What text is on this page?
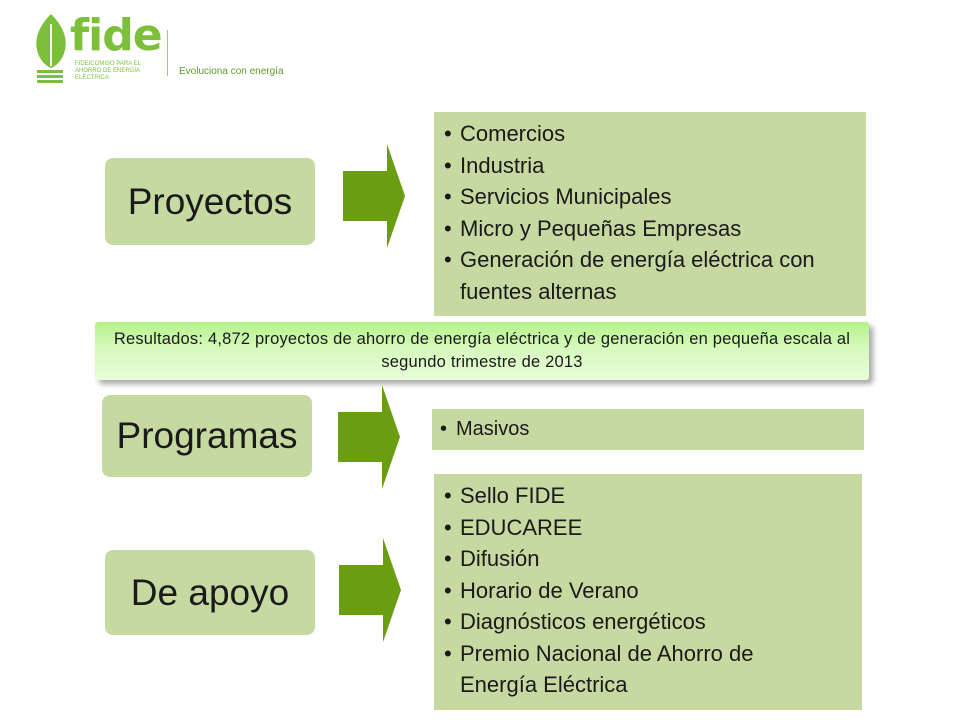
fide
FIDEICOMISO PARA EL AHORRO DE ENERGÍA ELÉCTRICA
Evoluciona con energía
Proyectos
• Comercios
• Industria
• Servicios Municipales
• Micro y Pequeñas Empresas
• Generación de energía eléctrica con fuentes alternas
Programas
•	Masivos
De apoyo
• Sello FIDE
• EDUCAREE
• Difusión
• Horario de Verano
• Diagnósticos energéticos
• Premio Nacional de Ahorro de Energía Eléctrica
Resultados: 4,872 proyectos de ahorro de energía eléctrica y de generación en pequeña escala al segundo trimestre de 2013
